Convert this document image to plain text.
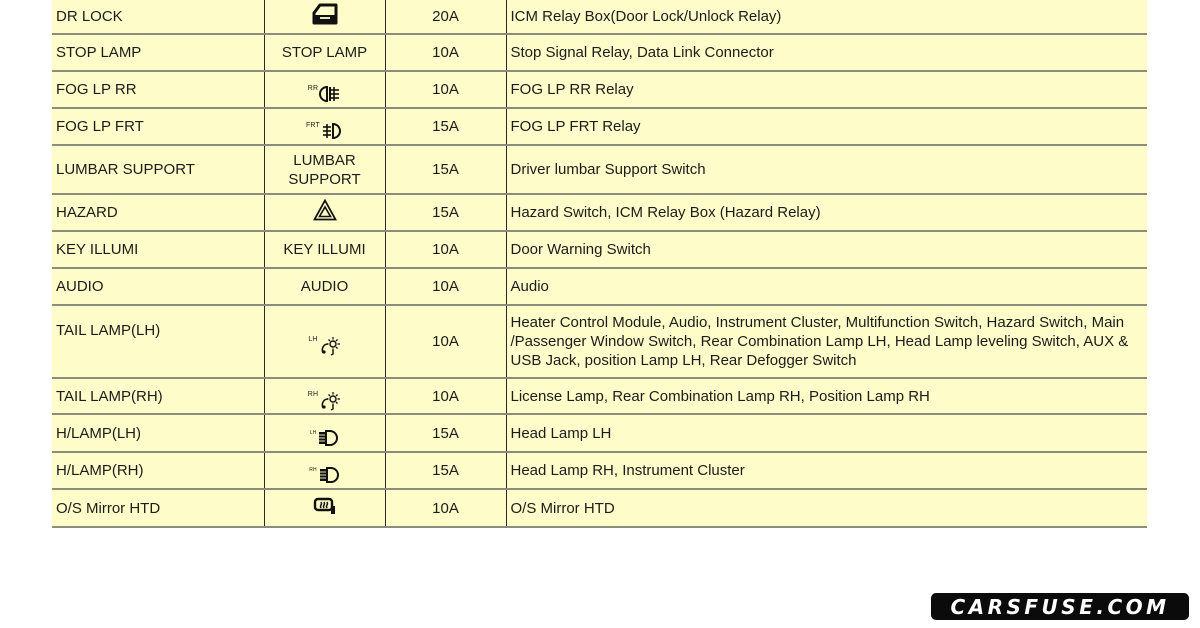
DR LOCK		20A	ICM Relay Box(Door Lock/Unlock Relay)
STOP LAMP	STOP LAMP	10A	Stop Signal Relay, Data Link Connector
FOG LP RR	RR	10A	FOG LP RR Relay
FOG LP FRT	FRT	15A	FOG LP FRT Relay
LUMBAR SUPPORT	LUMBAR SUPPORT	15A	Driver lumbar Support Switch
HAZARD		15A	Hazard Switch, ICM Relay Box (Hazard Relay)
KEY ILLUMI	KEY ILLUMI	10A	Door Warning Switch
AUDIO	AUDIO	10A	Audio
TAIL LAMP(LH)	LH	10A	Heater Control Module, Audio, Instrument Cluster, Multifunction Switch, Hazard Switch, Main /Passenger Window Switch, Rear Combination Lamp LH, Head Lamp leveling Switch, AUX & USB Jack, position Lamp LH, Rear Defogger Switch
TAIL LAMP(RH)	RH	10A	License Lamp, Rear Combination Lamp RH, Position Lamp RH
H/LAMP(LH)	LH	15A	Head Lamp LH
H/LAMP(RH)	RH	15A	Head Lamp RH, Instrument Cluster
O/S Mirror HTD		10A	O/S Mirror HTD
CARSFUSE.COM
